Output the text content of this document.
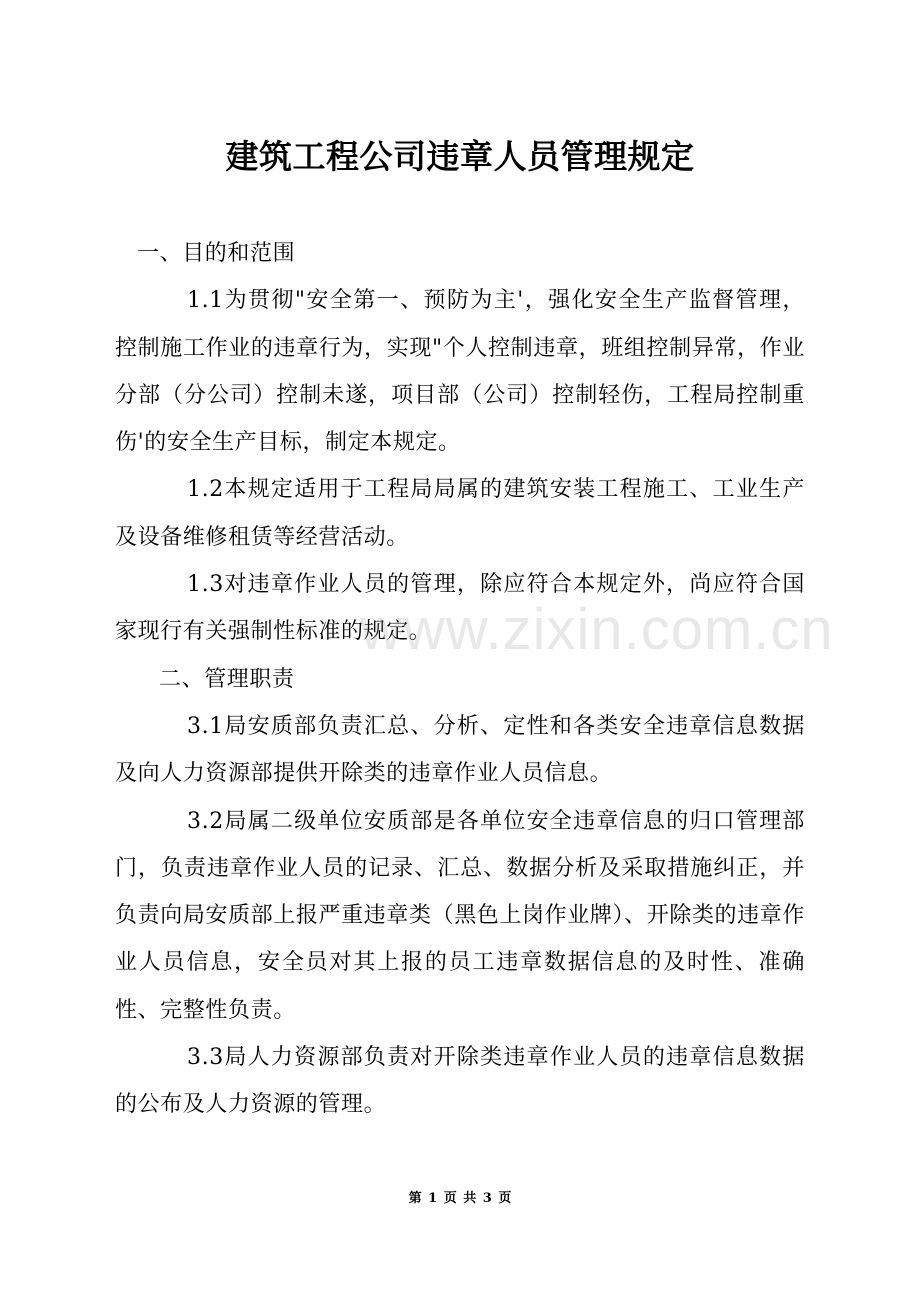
建筑工程公司违章人员管理规定

一、目的和范围

1.1为贯彻"安全第一、预防为主'，强化安全生产监督管理，控制施工作业的违章行为，实现"个人控制违章，班组控制异常，作业分部（分公司）控制未遂，项目部（公司）控制轻伤，工程局控制重伤'的安全生产目标，制定本规定。

1.2本规定适用于工程局局属的建筑安装工程施工、工业生产及设备维修租赁等经营活动。

1.3对违章作业人员的管理，除应符合本规定外，尚应符合国家现行有关强制性标准的规定。

二、管理职责

3.1局安质部负责汇总、分析、定性和各类安全违章信息数据及向人力资源部提供开除类的违章作业人员信息。

3.2局属二级单位安质部是各单位安全违章信息的归口管理部门，负责违章作业人员的记录、汇总、数据分析及采取措施纠正，并负责向局安质部上报严重违章类（黑色上岗作业牌）、开除类的违章作业人员信息，安全员对其上报的员工违章数据信息的及时性、准确性、完整性负责。

3.3局人力资源部负责对开除类违章作业人员的违章信息数据的公布及人力资源的管理。

www.zixin.com.cn
第 1 页 共 3 页
